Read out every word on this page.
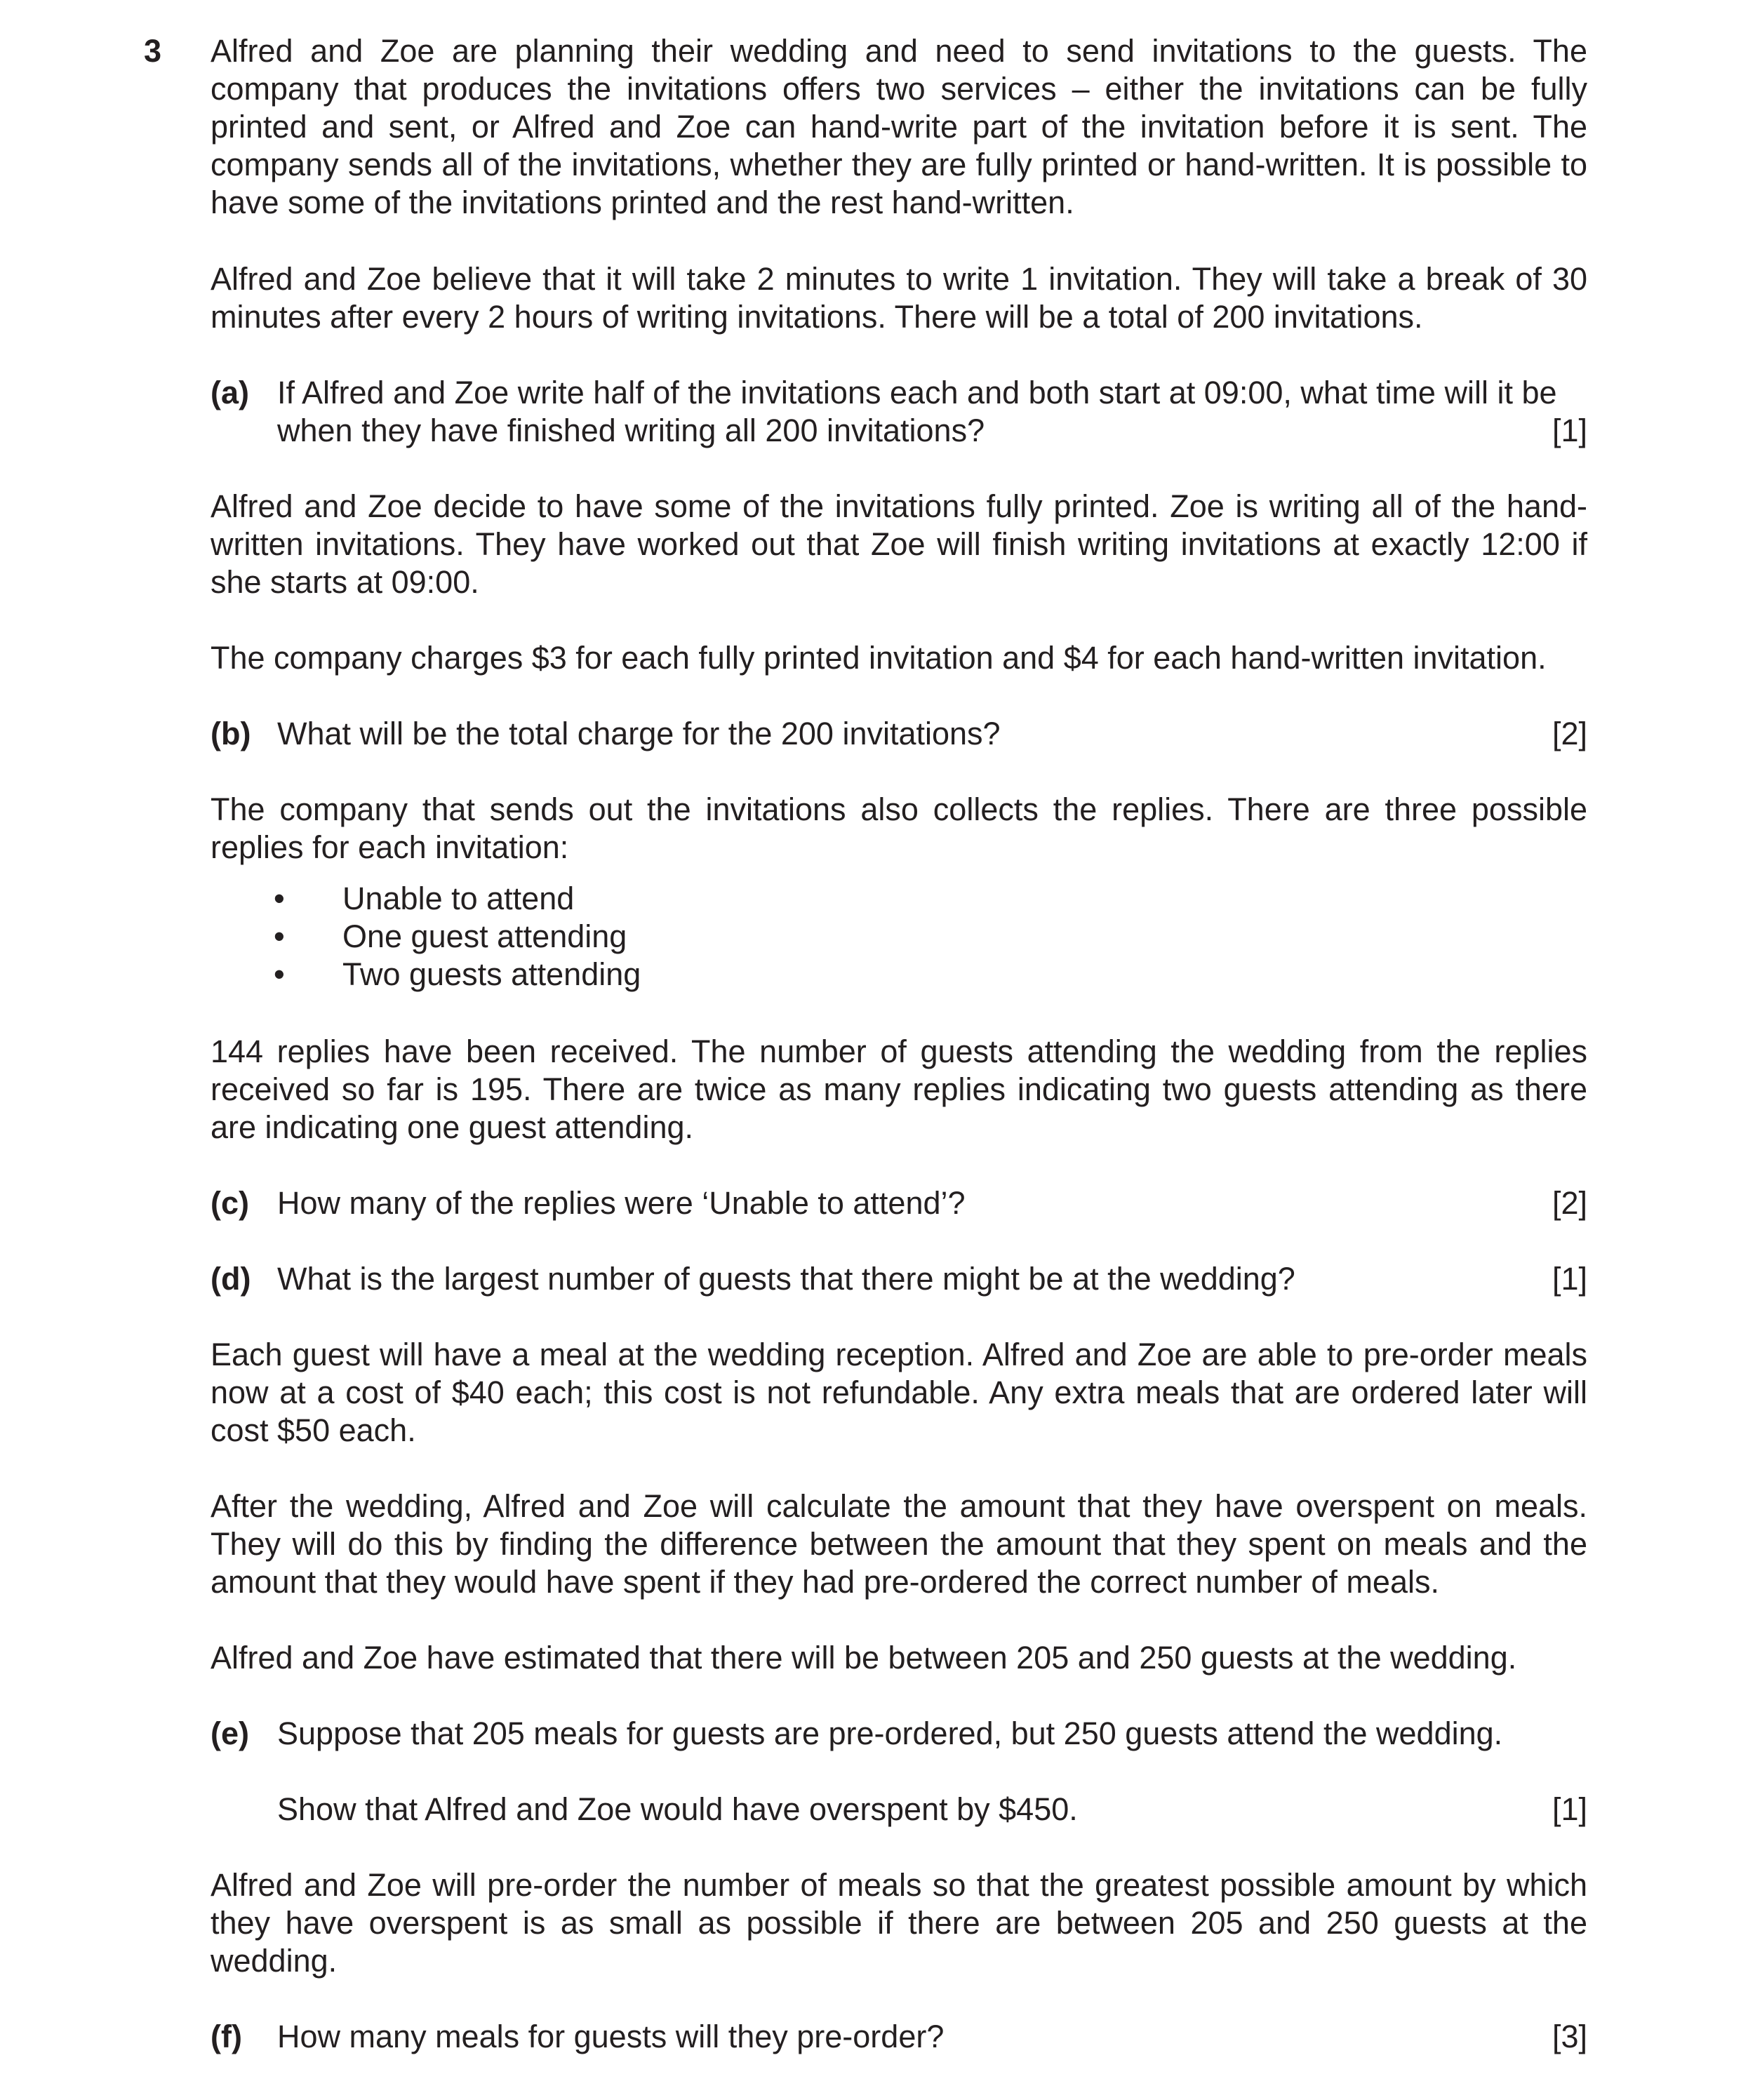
3 Alfred and Zoe are planning their wedding and need to send invitations to the guests. The company that produces the invitations offers two services – either the invitations can be fully printed and sent, or Alfred and Zoe can hand-write part of the invitation before it is sent. The company sends all of the invitations, whether they are fully printed or hand-written. It is possible to have some of the invitations printed and the rest hand-written.
Alfred and Zoe believe that it will take 2 minutes to write 1 invitation. They will take a break of 30 minutes after every 2 hours of writing invitations. There will be a total of 200 invitations.
(a) If Alfred and Zoe write half of the invitations each and both start at 09:00, what time will it be
when they have finished writing all 200 invitations?	[1]
Alfred and Zoe decide to have some of the invitations fully printed. Zoe is writing all of the hand-written invitations. They have worked out that Zoe will finish writing invitations at exactly 12:00 if she starts at 09:00.
The company charges $3 for each fully printed invitation and $4 for each hand-written invitation.
(b) What will be the total charge for the 200 invitations?	[2]
The company that sends out the invitations also collects the replies. There are three possible replies for each invitation:
• Unable to attend
• One guest attending
• Two guests attending
144 replies have been received. The number of guests attending the wedding from the replies received so far is 195. There are twice as many replies indicating two guests attending as there are indicating one guest attending.
(c) How many of the replies were ‘Unable to attend’?	[2]
(d) What is the largest number of guests that there might be at the wedding?	[1]
Each guest will have a meal at the wedding reception. Alfred and Zoe are able to pre-order meals now at a cost of $40 each; this cost is not refundable. Any extra meals that are ordered later will cost $50 each.
After the wedding, Alfred and Zoe will calculate the amount that they have overspent on meals. They will do this by finding the difference between the amount that they spent on meals and the amount that they would have spent if they had pre-ordered the correct number of meals.
Alfred and Zoe have estimated that there will be between 205 and 250 guests at the wedding.
(e) Suppose that 205 meals for guests are pre-ordered, but 250 guests attend the wedding.
Show that Alfred and Zoe would have overspent by $450.	[1]
Alfred and Zoe will pre-order the number of meals so that the greatest possible amount by which they have overspent is as small as possible if there are between 205 and 250 guests at the wedding.
(f) How many meals for guests will they pre-order?	[3]
